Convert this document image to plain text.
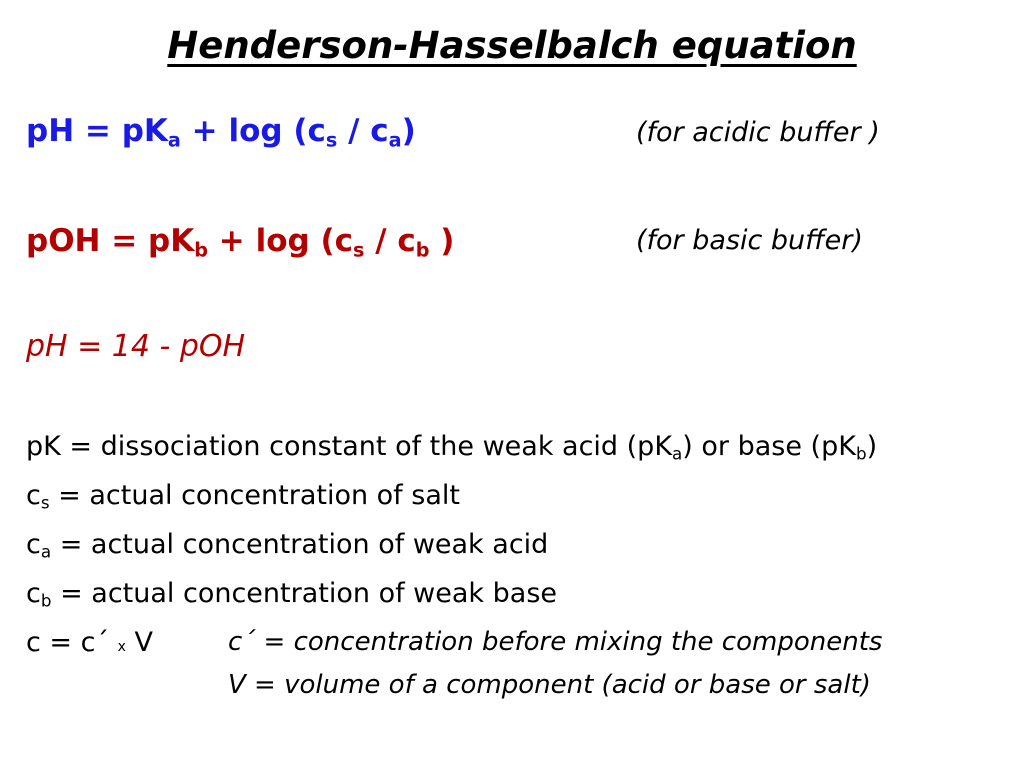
Henderson-Hasselbalch equation
pH = $pK_a + \log (c_s / c_a)$	(for acidic buffer )
pOH = $pK_b + \log (c_s / c_b$ )	(for basic buffer)
pH = 14 - pOH
pK = dissociation constant of the weak acid $(pK_a)$ or base $(pK_b)$
$c_s$ = actual concentration of salt
$c_a$ = actual concentration of weak acid
$c_b$ = actual concentration of weak base
c = c´ x V	c´ = concentration before mixing the components
V = volume of a component (acid or base or salt)
